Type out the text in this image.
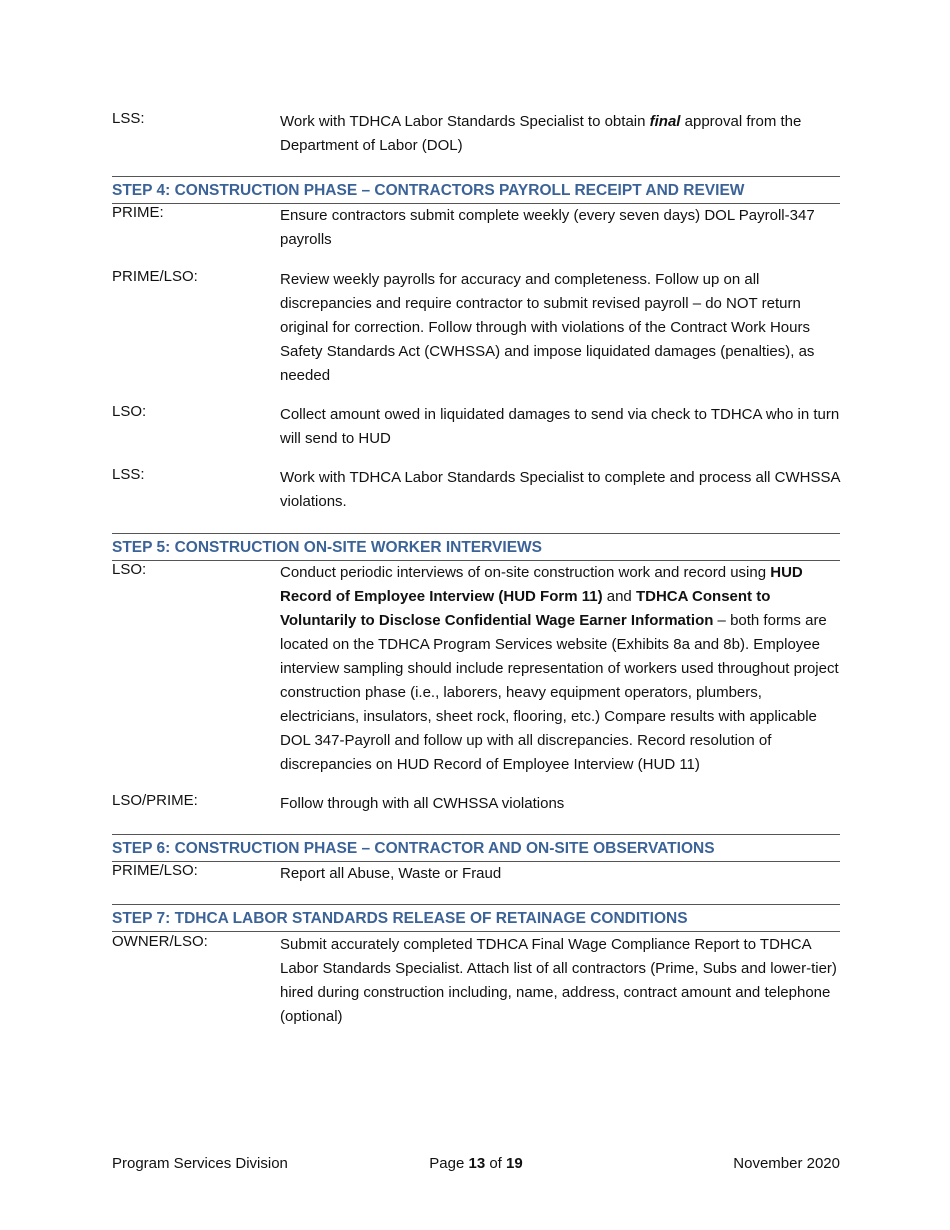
LSS:	Work with TDHCA Labor Standards Specialist to obtain final approval from the Department of Labor (DOL)
STEP 4: CONSTRUCTION PHASE – CONTRACTORS PAYROLL RECEIPT AND REVIEW
PRIME:	Ensure contractors submit complete weekly (every seven days) DOL Payroll-347 payrolls
PRIME/LSO:	Review weekly payrolls for accuracy and completeness. Follow up on all discrepancies and require contractor to submit revised payroll – do NOT return original for correction. Follow through with violations of the Contract Work Hours Safety Standards Act (CWHSSA) and impose liquidated damages (penalties), as needed
LSO:	Collect amount owed in liquidated damages to send via check to TDHCA who in turn will send to HUD
LSS:	Work with TDHCA Labor Standards Specialist to complete and process all CWHSSA violations.
STEP 5: CONSTRUCTION ON-SITE WORKER INTERVIEWS
LSO:	Conduct periodic interviews of on-site construction work and record using HUD Record of Employee Interview (HUD Form 11) and TDHCA Consent to Voluntarily to Disclose Confidential Wage Earner Information – both forms are located on the TDHCA Program Services website (Exhibits 8a and 8b). Employee interview sampling should include representation of workers used throughout project construction phase (i.e., laborers, heavy equipment operators, plumbers, electricians, insulators, sheet rock, flooring, etc.) Compare results with applicable DOL 347-Payroll and follow up with all discrepancies. Record resolution of discrepancies on HUD Record of Employee Interview (HUD 11)
LSO/PRIME:	Follow through with all CWHSSA violations
STEP 6: CONSTRUCTION PHASE – CONTRACTOR AND ON-SITE OBSERVATIONS
PRIME/LSO:	Report all Abuse, Waste or Fraud
STEP 7: TDHCA LABOR STANDARDS RELEASE OF RETAINAGE CONDITIONS
OWNER/LSO:	Submit accurately completed TDHCA Final Wage Compliance Report to TDHCA Labor Standards Specialist. Attach list of all contractors (Prime, Subs and lower-tier) hired during construction including, name, address, contract amount and telephone (optional)
Program Services Division	Page 13 of 19	November 2020
